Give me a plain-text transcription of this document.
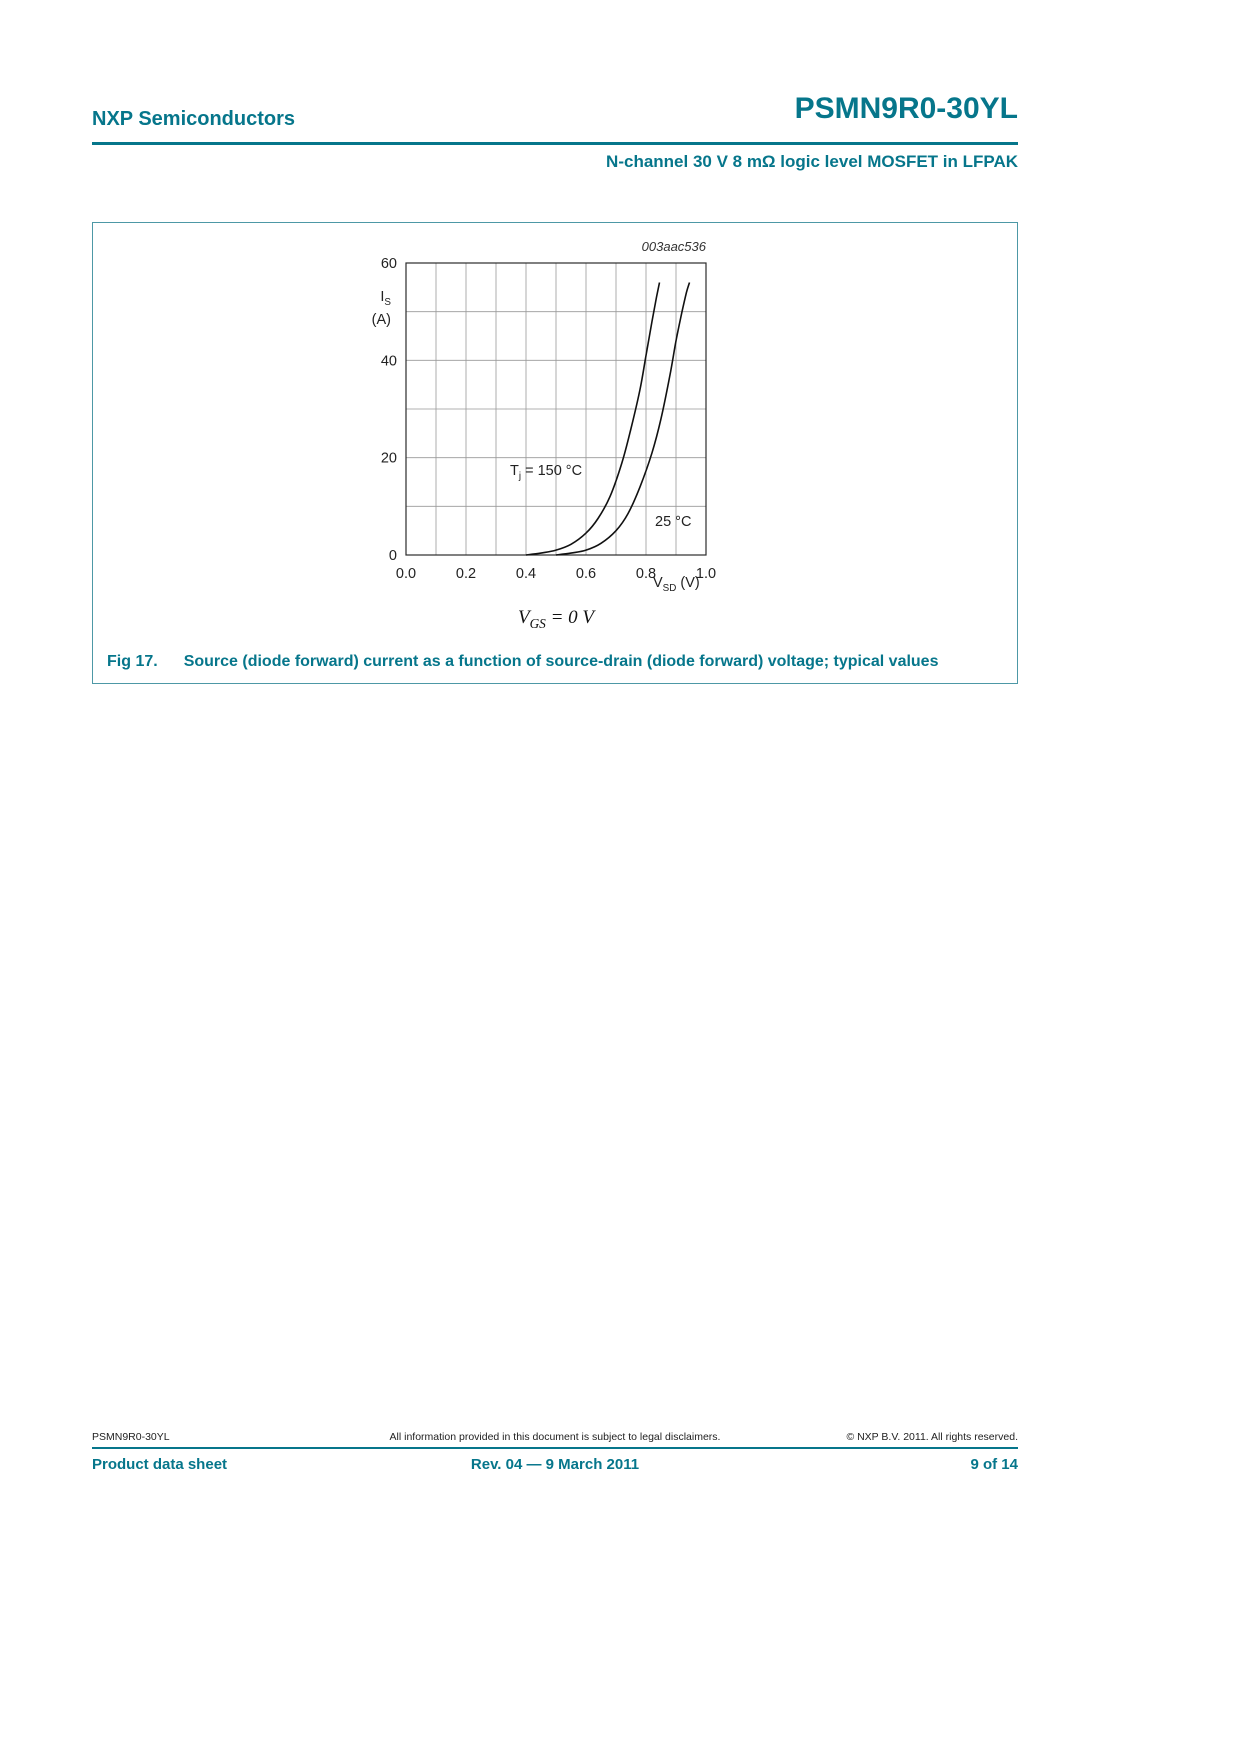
NXP Semiconductors	PSMN9R0-30YL
N-channel 30 V 8 mΩ logic level MOSFET in LFPAK
003aac536
0.0	0.2	0.4	0.6	0.8	1.0
0
20
40
60
$I_S$
(A)
$V_{SD}$ (V)
$T_j = 150$ °C
25 °C
$V_{GS} = 0$ V
Fig 17. Source (diode forward) current as a function of source-drain (diode forward) voltage; typical values
PSMN9R0-30YL	All information provided in this document is subject to legal disclaimers.	© NXP B.V. 2011. All rights reserved.
Product data sheet	Rev. 04 — 9 March 2011	9 of 14
